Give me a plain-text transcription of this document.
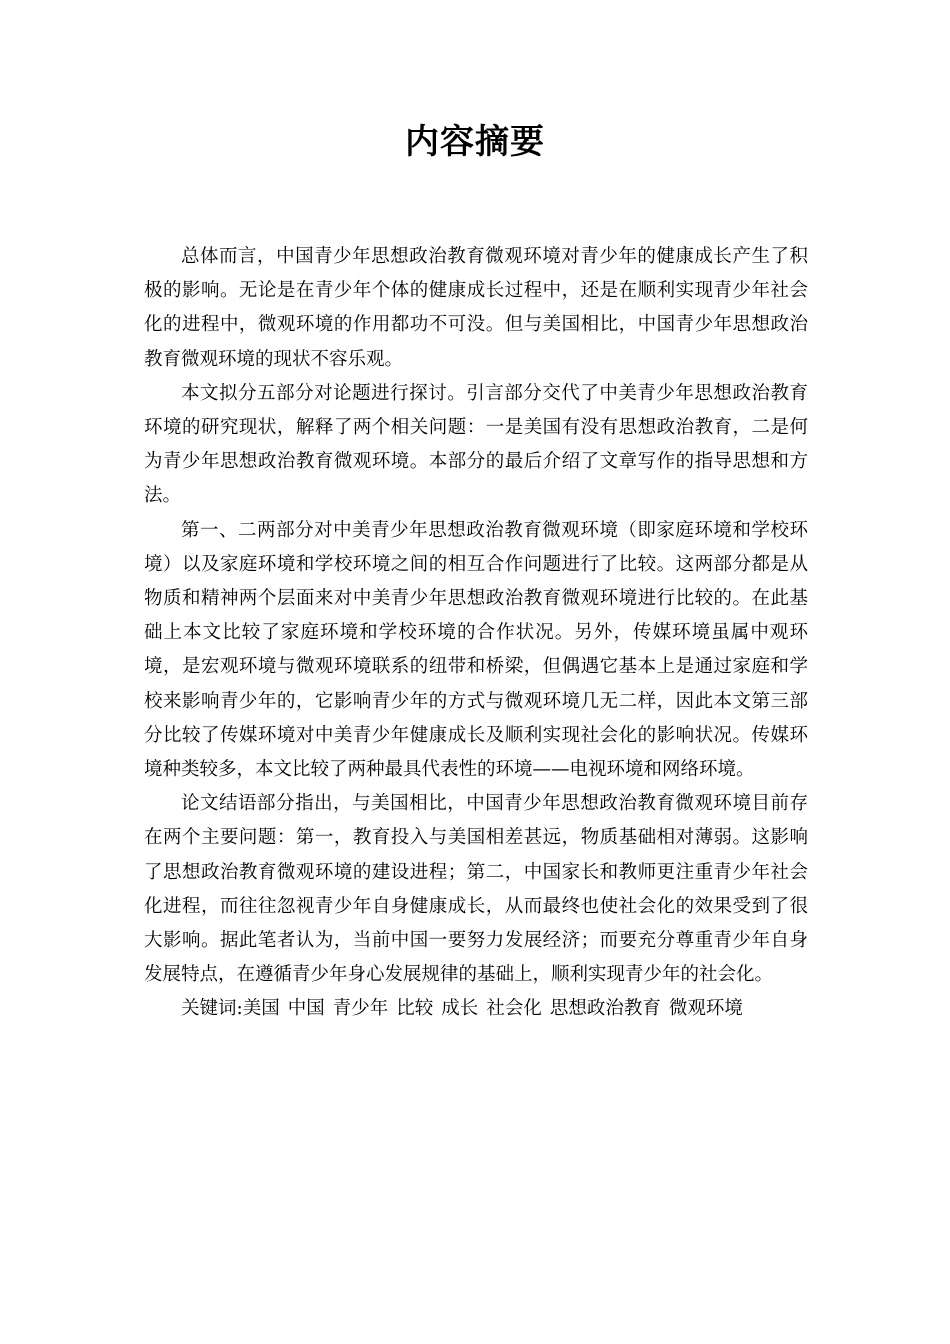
内容摘要

总体而言，中国青少年思想政治教育微观环境对青少年的健康成长产生了积极的影响。无论是在青少年个体的健康成长过程中，还是在顺利实现青少年社会化的进程中，微观环境的作用都功不可没。但与美国相比，中国青少年思想政治教育微观环境的现状不容乐观。

本文拟分五部分对论题进行探讨。引言部分交代了中美青少年思想政治教育环境的研究现状，解释了两个相关问题：一是美国有没有思想政治教育，二是何为青少年思想政治教育微观环境。本部分的最后介绍了文章写作的指导思想和方法。

第一、二两部分对中美青少年思想政治教育微观环境（即家庭环境和学校环境）以及家庭环境和学校环境之间的相互合作问题进行了比较。这两部分都是从物质和精神两个层面来对中美青少年思想政治教育微观环境进行比较的。在此基础上本文比较了家庭环境和学校环境的合作状况。另外，传媒环境虽属中观环境，是宏观环境与微观环境联系的纽带和桥梁，但偶遇它基本上是通过家庭和学校来影响青少年的，它影响青少年的方式与微观环境几无二样，因此本文第三部分比较了传媒环境对中美青少年健康成长及顺利实现社会化的影响状况。传媒环境种类较多，本文比较了两种最具代表性的环境——电视环境和网络环境。

论文结语部分指出，与美国相比，中国青少年思想政治教育微观环境目前存在两个主要问题：第一，教育投入与美国相差甚远，物质基础相对薄弱。这影响了思想政治教育微观环境的建设进程；第二，中国家长和教师更注重青少年社会化进程，而往往忽视青少年自身健康成长，从而最终也使社会化的效果受到了很大影响。据此笔者认为，当前中国一要努力发展经济；而要充分尊重青少年自身发展特点，在遵循青少年身心发展规律的基础上，顺利实现青少年的社会化。

关键词:美国 中国 青少年 比较 成长 社会化 思想政治教育 微观环境
